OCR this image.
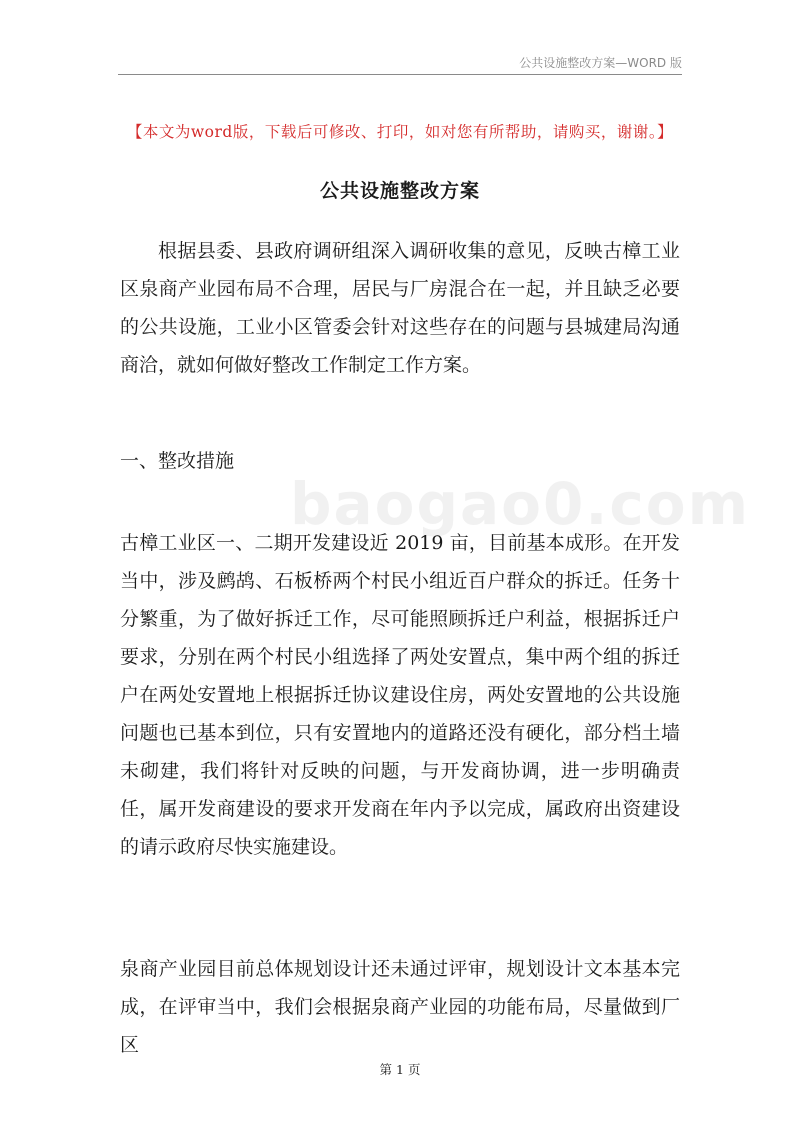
公共设施整改方案—WORD 版
baogao0.com
【本文为word版，下载后可修改、打印，如对您有所帮助，请购买，谢谢。】
公共设施整改方案

根据县委、县政府调研组深入调研收集的意见，反映古樟工业区泉商产业园布局不合理，居民与厂房混合在一起，并且缺乏必要的公共设施，工业小区管委会针对这些存在的问题与县城建局沟通商洽，就如何做好整改工作制定工作方案。

一、整改措施

古樟工业区一、二期开发建设近 2019 亩，目前基本成形。在开发当中，涉及鹧鸪、石板桥两个村民小组近百户群众的拆迁。任务十分繁重，为了做好拆迁工作，尽可能照顾拆迁户利益，根据拆迁户要求，分别在两个村民小组选择了两处安置点，集中两个组的拆迁户在两处安置地上根据拆迁协议建设住房，两处安置地的公共设施问题也已基本到位，只有安置地内的道路还没有硬化，部分档土墙未砌建，我们将针对反映的问题，与开发商协调，进一步明确责任，属开发商建设的要求开发商在年内予以完成，属政府出资建设的请示政府尽快实施建设。

泉商产业园目前总体规划设计还未通过评审，规划设计文本基本完成，在评审当中，我们会根据泉商产业园的功能布局，尽量做到厂区

第 1 页
